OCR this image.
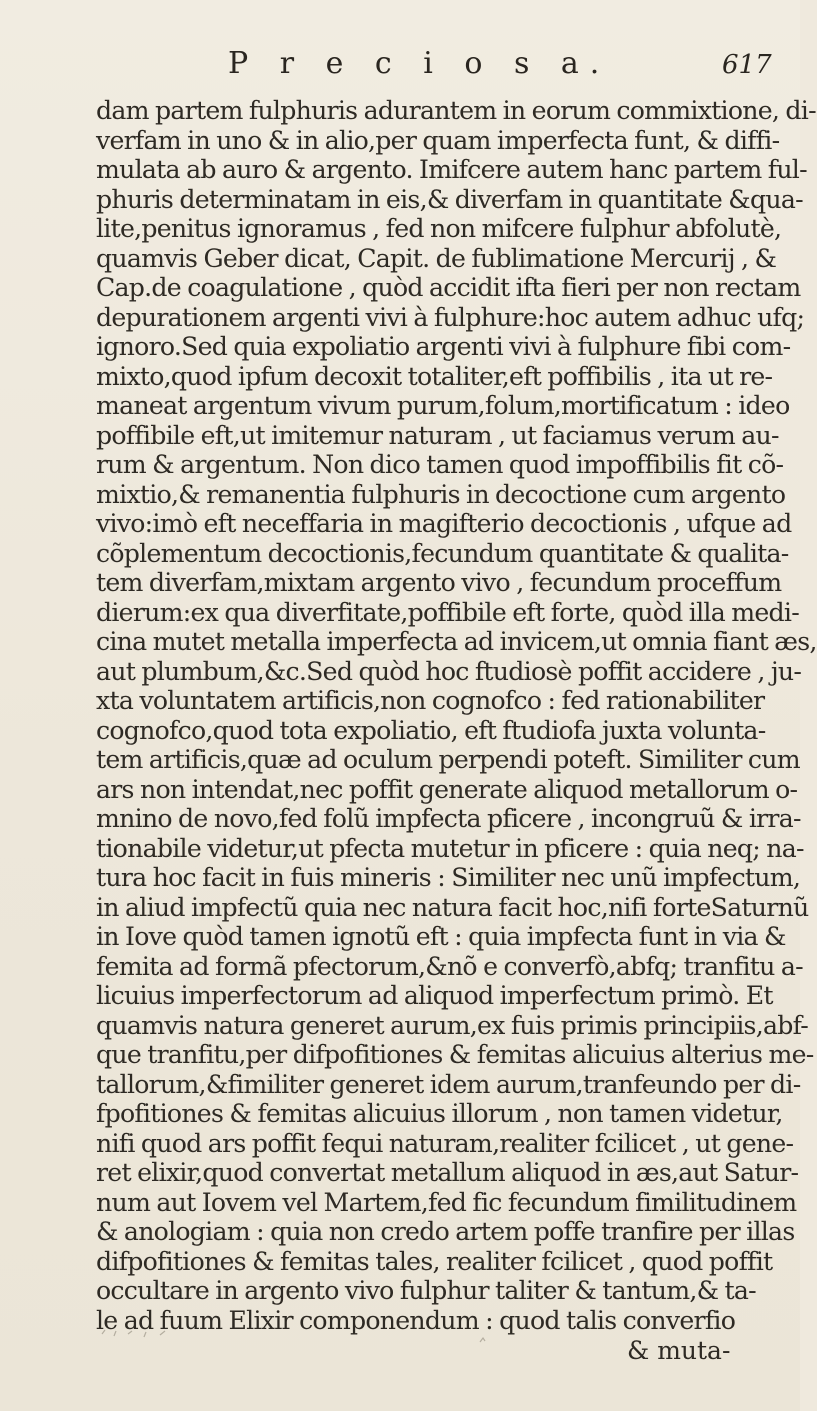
P r e c i o s a.	617
dam partem fulphuris adurantem in eorum commixtione, di-
verfam in uno & in alio,per quam imperfecta funt, & diffi-
mulata ab auro & argento. Imifcere autem hanc partem ful-
phuris determinatam in eis,& diverfam in quantitate &qua-
lite,penitus ignoramus , fed non mifcere fulphur abfolutè,
quamvis Geber dicat, Capit. de fublimatione Mercurij , &
Cap.de coagulatione , quòd accidit ifta fieri per non rectam
depurationem argenti vivi à fulphure:hoc autem adhuc ufq;
ignoro.Sed quia expoliatio argenti vivi à fulphure fibi com-
mixto,quod ipfum decoxit totaliter,eft poffibilis , ita ut re-
maneat argentum vivum purum,folum,mortificatum : ideo
poffibile eft,ut imitemur naturam , ut faciamus verum au-
rum & argentum. Non dico tamen quod impoffibilis fit cõ-
mixtio,& remanentia fulphuris in decoctione cum argento
vivo:imò eft neceffaria in magifterio decoctionis , ufque ad
cõplementum decoctionis,fecundum quantitate & qualita-
tem diverfam,mixtam argento vivo , fecundum proceffum
dierum:ex qua diverfitate,poffibile eft forte, quòd illa medi-
cina mutet metalla imperfecta ad invicem,ut omnia fiant æs,
aut plumbum,&c.Sed quòd hoc ftudiosè poffit accidere , ju-
xta voluntatem artificis,non cognofco : fed rationabiliter
cognofco,quod tota expoliatio, eft ftudiofa juxta volunta-
tem artificis,quæ ad oculum perpendi poteft. Similiter cum
ars non intendat,nec poffit generate aliquod metallorum o-
mnino de novo,fed folũ impfecta pficere , incongruũ & irra-
tionabile videtur,ut pfecta mutetur in pficere : quia neq; na-
tura hoc facit in fuis mineris : Similiter nec unũ impfectum,
in aliud impfectũ quia nec natura facit hoc,nifi forteSaturnũ
in Iove quòd tamen ignotũ eft : quia impfecta funt in via &
femita ad formã pfectorum,&nõ e converfò,abfq; tranfitu a-
licuius imperfectorum ad aliquod imperfectum primò. Et
quamvis natura generet aurum,ex fuis primis principiis,abf-
que tranfitu,per difpofitiones & femitas alicuius alterius me-
tallorum,&fimiliter generet idem aurum,tranfeundo per di-
fpofitiones & femitas alicuius illorum , non tamen videtur,
nifi quod ars poffit fequi naturam,realiter fcilicet , ut gene-
ret elixir,quod convertat metallum aliquod in æs,aut Satur-
num aut Iovem vel Martem,fed fic fecundum fimilitudinem
& anologiam : quia non credo artem poffe tranfire per illas
difpofitiones & femitas tales, realiter fcilicet , quod poffit
occultare in argento vivo fulphur taliter & tantum,& ta-
le ad fuum Elixir componendum : quod talis converfio
& muta-
